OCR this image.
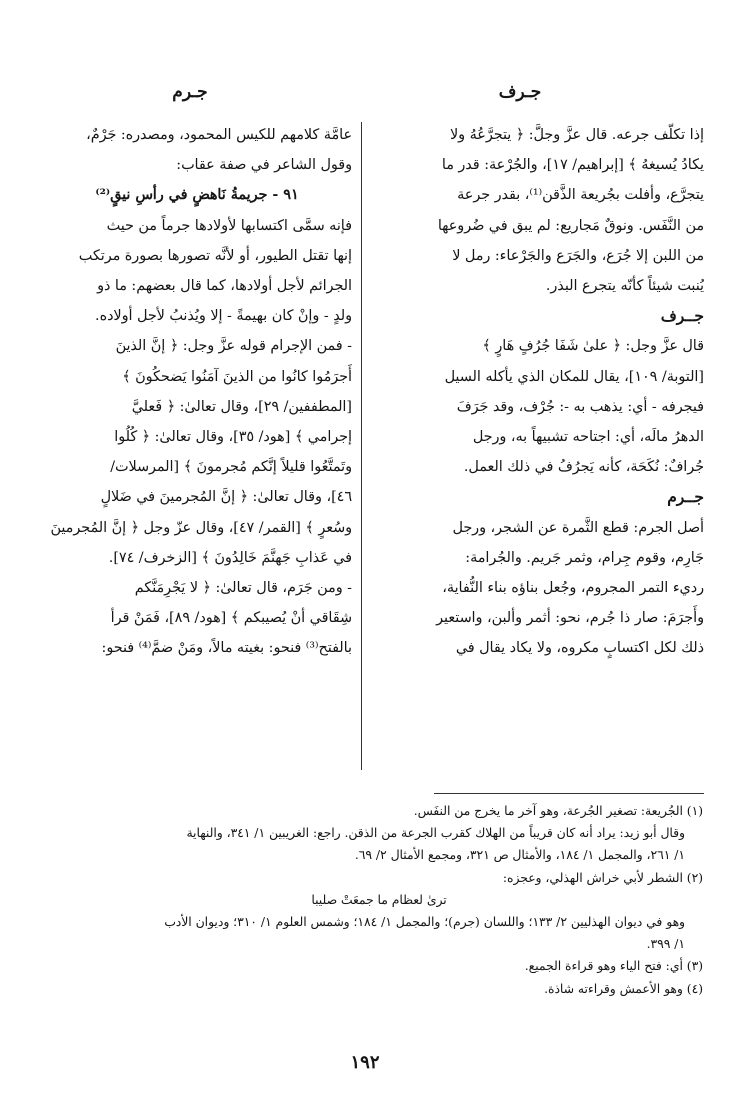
جـرف
جـرم

إذا تكلّف جرعه. قال عزَّ وجلَّ: ﴿ يتجرَّعُهُ ولا

يكادُ يُسيغهُ ﴾ [إبراهيم/ ١٧]، والجُرْعة: قدر ما

يتجرَّع، وأفلت بجُريعة الذَّقن⁽¹⁾، بقدر جرعة

من النَّفَس. ونوقٌ مَجاريع: لم يبق في ضُروعها

من اللبن إلا جُرَع، والجَرَع والجَرْعاء: رمل لا

يُنبت شيئاً كأنّه يتجرع البذر.

جــرف

قال عزَّ وجل: ﴿ علىٰ شَفَا جُرُفٍ هَارٍ ﴾

[التوبة/ ١٠٩]، يقال للمكان الذي يأكله السيل

فيجرفه - أي: يذهب به -: جُرْف، وقد جَرَفَ

الدهرُ مالَه، أي: اجتاحه تشبيهاً به، ورجل

جُرافٌ: نُكَحَة، كأنه يَجرُفُ في ذلك العمل.

جــرم

أصل الجرم: قطع الثَّمرة عن الشجر، ورجل

جَارِم، وقوم جِرام، وثمر جَريم. والجُرامة:

رديء التمر المجروم، وجُعل بناؤه بناء النُّفاية،

وأَجرَمَ: صار ذا جُرم، نحو: أثمر وألبن، واستعير

ذلك لكل اكتسابٍ مكروه، ولا يكاد يقال في

عامَّة كلامهم للكيس المحمود، ومصدره: جَرْمٌ،

وقول الشاعر في صفة عقاب:

٩١ - جريمةُ نَاهضٍ في رأسِ نيقٍ⁽²⁾

فإنه سمَّى اكتسابها لأولادها جرماً من حيث

إنها تقتل الطيور، أو لأنَّه تصورها بصورة مرتكب

الجرائم لأجل أولادها، كما قال بعضهم: ما ذو

ولدٍ - وإنْ كان بهيمةً - إلا ويُذنبُ لأجل أولاده.

- فمن الإجرام قوله عزَّ وجل: ﴿ إنَّ الذينَ

أَجرَمُوا كانُوا من الذينَ آمَنُوا يَضحكُونَ ﴾

[المطففين/ ٢٩]، وقال تعالىٰ: ﴿ فَعليَّ

إجرامي ﴾ [هود/ ٣٥]، وقال تعالىٰ: ﴿ كُلُوا

وتَمتَّعُوا قليلاً إنَّكم مُجرمونَ ﴾ [المرسلات/

٤٦]، وقال تعالىٰ: ﴿ إنَّ المُجرمينَ في ضَلالٍ

وسُعرٍ ﴾ [القمر/ ٤٧]، وقال عزّ وجل ﴿ إنَّ المُجرمينَ

في عَذابِ جَهنَّمَ خَالِدُونَ ﴾ [الزخرف/ ٧٤].

- ومن جَرَم، قال تعالىٰ: ﴿ لا يَجْرِمَنَّكم

شِقَاقي أنْ يُصيبكم ﴾ [هود/ ٨٩]، فَمَنْ قرأ

بالفتح⁽³⁾ فنحو: بغيته مالاً، ومَنْ ضمَّ⁽⁴⁾ فنحو:

(١) الجُريعة: تصغير الجُرعة، وهو آخر ما يخرج من النفَس.

وقال أبو زيد: يراد أنه كان قريباً من الهلاك كقرب الجرعة من الذقن. راجع: الغريبين ١/ ٣٤١، والنهاية

١/ ٢٦١، والمجمل ١/ ١٨٤، والأمثال ص ٣٢١، ومجمع الأمثال ٢/ ٦٩.

(٢) الشطر لأبي خراش الهذلي، وعجزه:

ترىٰ لعظام ما جمعَتْ صليبا

وهو في ديوان الهذليين ٢/ ١٣٣؛ واللسان (جرم)؛ والمجمل ١/ ١٨٤؛ وشمس العلوم ١/ ٣١٠؛ وديوان الأدب

١/ ٣٩٩.

(٣) أي: فتح الياء وهو قراءة الجميع.

(٤) وهو الأعمش وقراءته شاذة.

١٩٢
